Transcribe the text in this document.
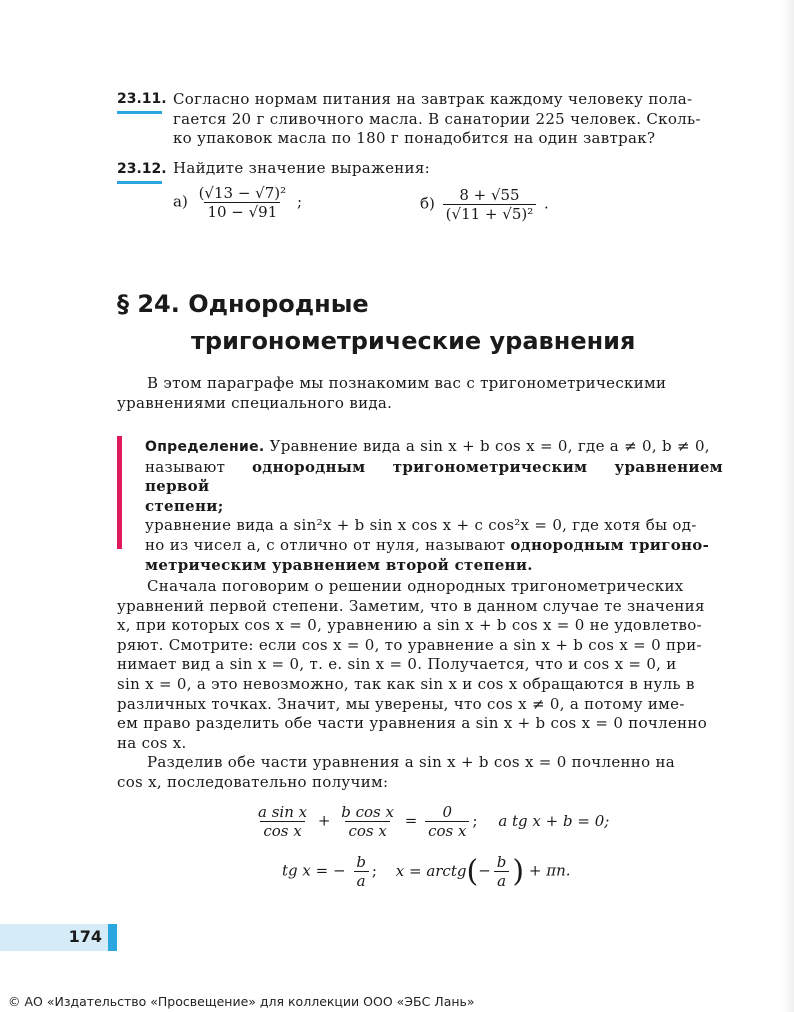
23.11. Согласно нормам питания на завтрак каждому человеку пола-
гается 20 г сливочного масла. В санатории 225 человек. Сколь-
ко упаковок масла по 180 г понадобится на один завтрак?
23.12. Найдите значение выражения:
$а) \frac{\text{(√13 − √7)²}}{10 - √91}$ ;	$б) \frac{8 + √55}{\text{(√11 + √5)²}}$ .
§ 24. Однородные
тригонометрические уравнения
В этом параграфе мы познакомим вас с тригонометрическими
уравнениями специального вида.
Определение. Уравнение вида a sin x + b cos x = 0, где a ≠ 0, b ≠ 0,
называют однородным тригонометрическим уравнением первой
степени;
уравнение вида a sin²x + b sin x cos x + c cos²x = 0, где хотя бы од-
но из чисел a, c отлично от нуля, называют однородным тригоно-
метрическим уравнением второй степени.
Сначала поговорим о решении однородных тригонометрических
уравнений первой степени. Заметим, что в данном случае те значения
x, при которых cos x = 0, уравнению a sin x + b cos x = 0 не удовлетво-
ряют. Смотрите: если cos x = 0, то уравнение a sin x + b cos x = 0 при-
нимает вид a sin x = 0, т. е. sin x = 0. Получается, что и cos x = 0, и
sin x = 0, а это невозможно, так как sin x и cos x обращаются в нуль в
различных точках. Значит, мы уверены, что cos x ≠ 0, а потому име-
ем право разделить обе части уравнения a sin x + b cos x = 0 почленно
на cos x.
Разделив обе части уравнения a sin x + b cos x = 0 почленно на
cos x, последовательно получим:
$\frac{\text{a sin x}}{\text{cos x}} + \frac{\text{b cos x}}{\text{cos x}} = \frac{0}{\text{cos x}}$ ; a tg x + b = 0;
tg x = − $\frac{b}{a}$ ; x = arctg(− $\frac{b}{a}$ ) + πn.
174
© АО «Издательство «Просвещение» для коллекции ООО «ЭБС Лань»
